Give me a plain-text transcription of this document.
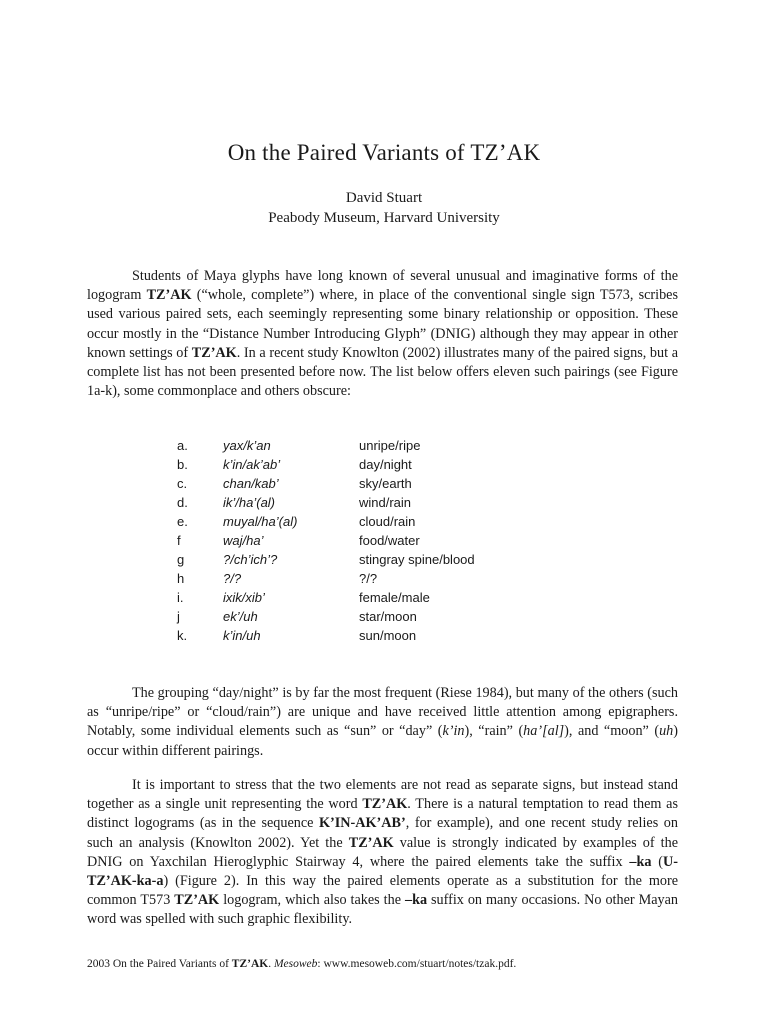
On the Paired Variants of TZ’AK
David Stuart
Peabody Museum, Harvard University

Students of Maya glyphs have long known of several unusual and imaginative forms of the logogram TZ’AK (“whole, complete”) where, in place of the conventional single sign T573, scribes used various paired sets, each seemingly representing some binary relationship or opposition. These occur mostly in the “Distance Number Introducing Glyph” (DNIG) although they may appear in other known settings of TZ’AK. In a recent study Knowlton (2002) illustrates many of the paired signs, but a complete list has not been presented before now. The list below offers eleven such pairings (see Figure 1a-k), some commonplace and others obscure:

a.	yax/k’an	unripe/ripe
b.	k’in/ak’ab’	day/night
c.	chan/kab’	sky/earth
d.	ik’/ha’(al)	wind/rain
e.	muyal/ha’(al)	cloud/rain
f	waj/ha’	food/water
g	?/ch’ich’?	stingray spine/blood
h	?/?	?/?
i.	ixik/xib’	female/male
j	ek’/uh	star/moon
k.	k’in/uh	sun/moon

The grouping “day/night” is by far the most frequent (Riese 1984), but many of the others (such as “unripe/ripe” or “cloud/rain”) are unique and have received little attention among epigraphers. Notably, some individual elements such as “sun” or “day” (k’in), “rain” (ha’[al]), and “moon” (uh) occur within different pairings.

It is important to stress that the two elements are not read as separate signs, but instead stand together as a single unit representing the word TZ’AK. There is a natural temptation to read them as distinct logograms (as in the sequence K’IN-AK’AB’, for example), and one recent study relies on such an analysis (Knowlton 2002). Yet the TZ’AK value is strongly indicated by examples of the DNIG on Yaxchilan Hieroglyphic Stairway 4, where the paired elements take the suffix –ka (U-TZ’AK-ka-a) (Figure 2). In this way the paired elements operate as a substitution for the more common T573 TZ’AK logogram, which also takes the –ka suffix on many occasions. No other Mayan word was spelled with such graphic flexibility.

2003 On the Paired Variants of TZ’AK. Mesoweb: www.mesoweb.com/stuart/notes/tzak.pdf.
